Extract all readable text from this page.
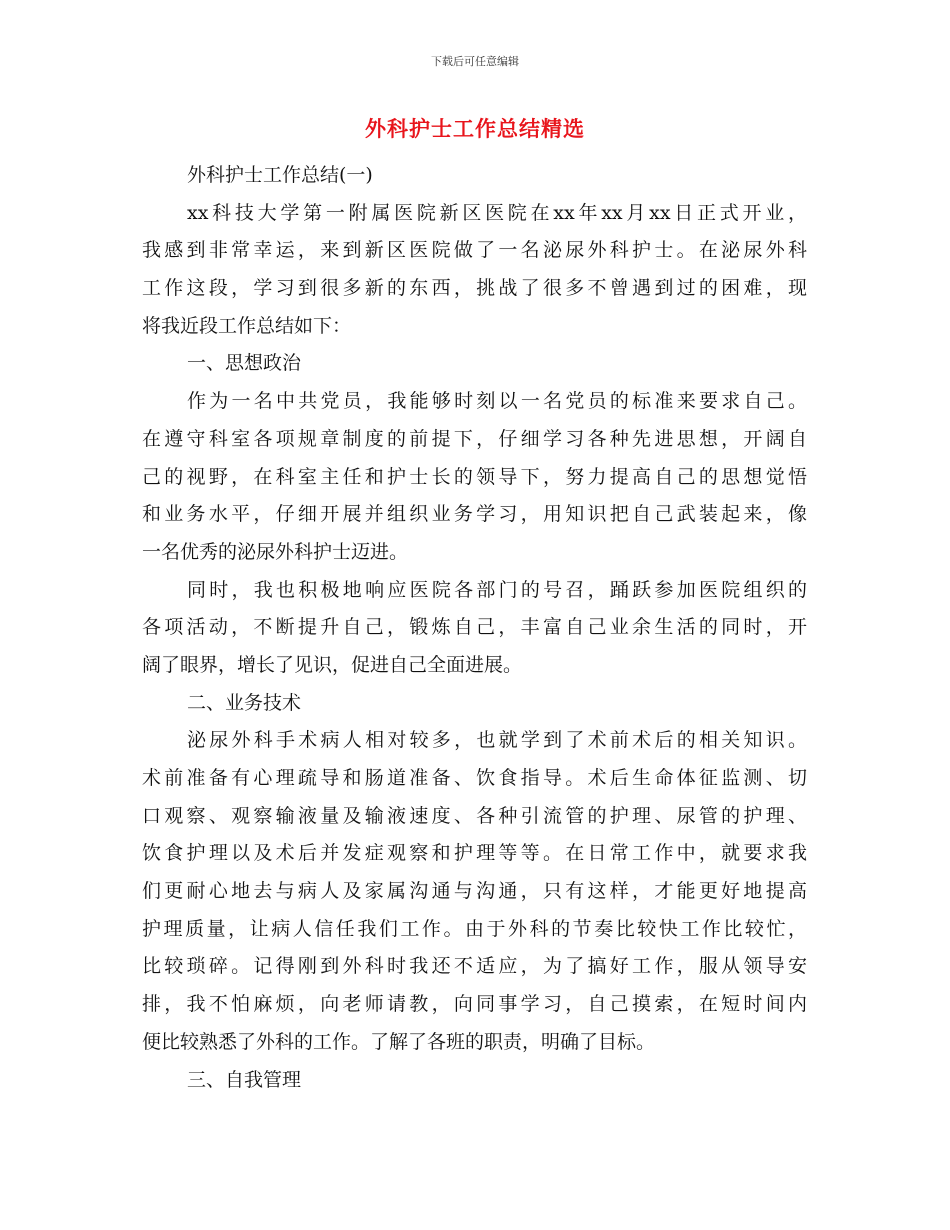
下载后可任意编辑
外科护士工作总结精选
外科护士工作总结(一)
xx科技大学第一附属医院新区医院在xx年xx月xx日正式开业，
我感到非常幸运，来到新区医院做了一名泌尿外科护士。在泌尿外科
工作这段，学习到很多新的东西，挑战了很多不曾遇到过的困难，现
将我近段工作总结如下：
一、思想政治
作为一名中共党员，我能够时刻以一名党员的标准来要求自己。
在遵守科室各项规章制度的前提下，仔细学习各种先进思想，开阔自
己的视野，在科室主任和护士长的领导下，努力提高自己的思想觉悟
和业务水平，仔细开展并组织业务学习，用知识把自己武装起来，像
一名优秀的泌尿外科护士迈进。
同时，我也积极地响应医院各部门的号召，踊跃参加医院组织的
各项活动，不断提升自己，锻炼自己，丰富自己业余生活的同时，开
阔了眼界，增长了见识，促进自己全面进展。
二、业务技术
泌尿外科手术病人相对较多，也就学到了术前术后的相关知识。
术前准备有心理疏导和肠道准备、饮食指导。术后生命体征监测、切
口观察、观察输液量及输液速度、各种引流管的护理、尿管的护理、
饮食护理以及术后并发症观察和护理等等。在日常工作中，就要求我
们更耐心地去与病人及家属沟通与沟通，只有这样，才能更好地提高
护理质量，让病人信任我们工作。由于外科的节奏比较快工作比较忙，
比较琐碎。记得刚到外科时我还不适应，为了搞好工作，服从领导安
排，我不怕麻烦，向老师请教，向同事学习，自己摸索，在短时间内
便比较熟悉了外科的工作。了解了各班的职责，明确了目标。
三、自我管理
